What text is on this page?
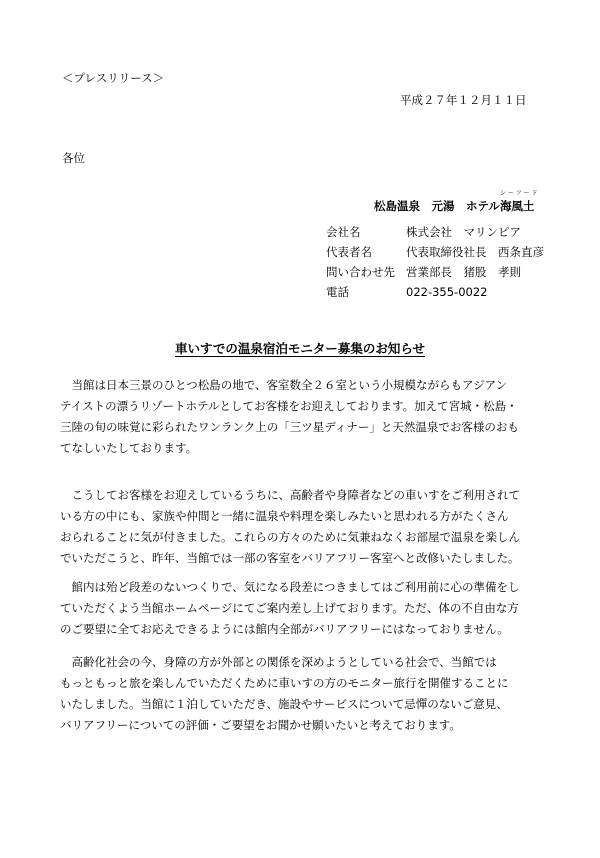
＜プレスリリース＞
平成２７年１２月１１日
各位
松島温泉　元湯　ホテル
シーフード
海風土
会社名	株式会社　マリンピア
代表者名	代表取締役社長　西条直彦
問い合わせ先 営業部長　猪股　孝則
電話	022-355-0022
車いすでの温泉宿泊モニター募集のお知らせ
　当館は日本三景のひとつ松島の地で、客室数全２６室という小規模ながらもアジアン
テイストの漂うリゾートホテルとしてお客様をお迎えしております。加えて宮城・松島・
三陸の旬の味覚に彩られたワンランク上の「三ツ星ディナー」と天然温泉でお客様のおも
てなしいたしております。
　こうしてお客様をお迎えしているうちに、高齢者や身障者などの車いすをご利用されて
いる方の中にも、家族や仲間と一緒に温泉や料理を楽しみたいと思われる方がたくさん
おられることに気が付きました。これらの方々のために気兼ねなくお部屋で温泉を楽しん
でいただこうと、昨年、当館では一部の客室をバリアフリー客室へと改修いたしました。
　館内は殆ど段差のないつくりで、気になる段差につきましてはご利用前に心の準備をし
ていただくよう当館ホームページにてご案内差し上げております。ただ、体の不自由な方
のご要望に全てお応えできるようには館内全部がバリアフリーにはなっておりません。
　高齢化社会の今、身障の方が外部との関係を深めようとしている社会で、当館では
もっともっと旅を楽しんでいただくために車いすの方のモニター旅行を開催することに
いたしました。当館に１泊していただき、施設やサービスについて忌憚のないご意見、
バリアフリーについての評価・ご要望をお聞かせ願いたいと考えております。
